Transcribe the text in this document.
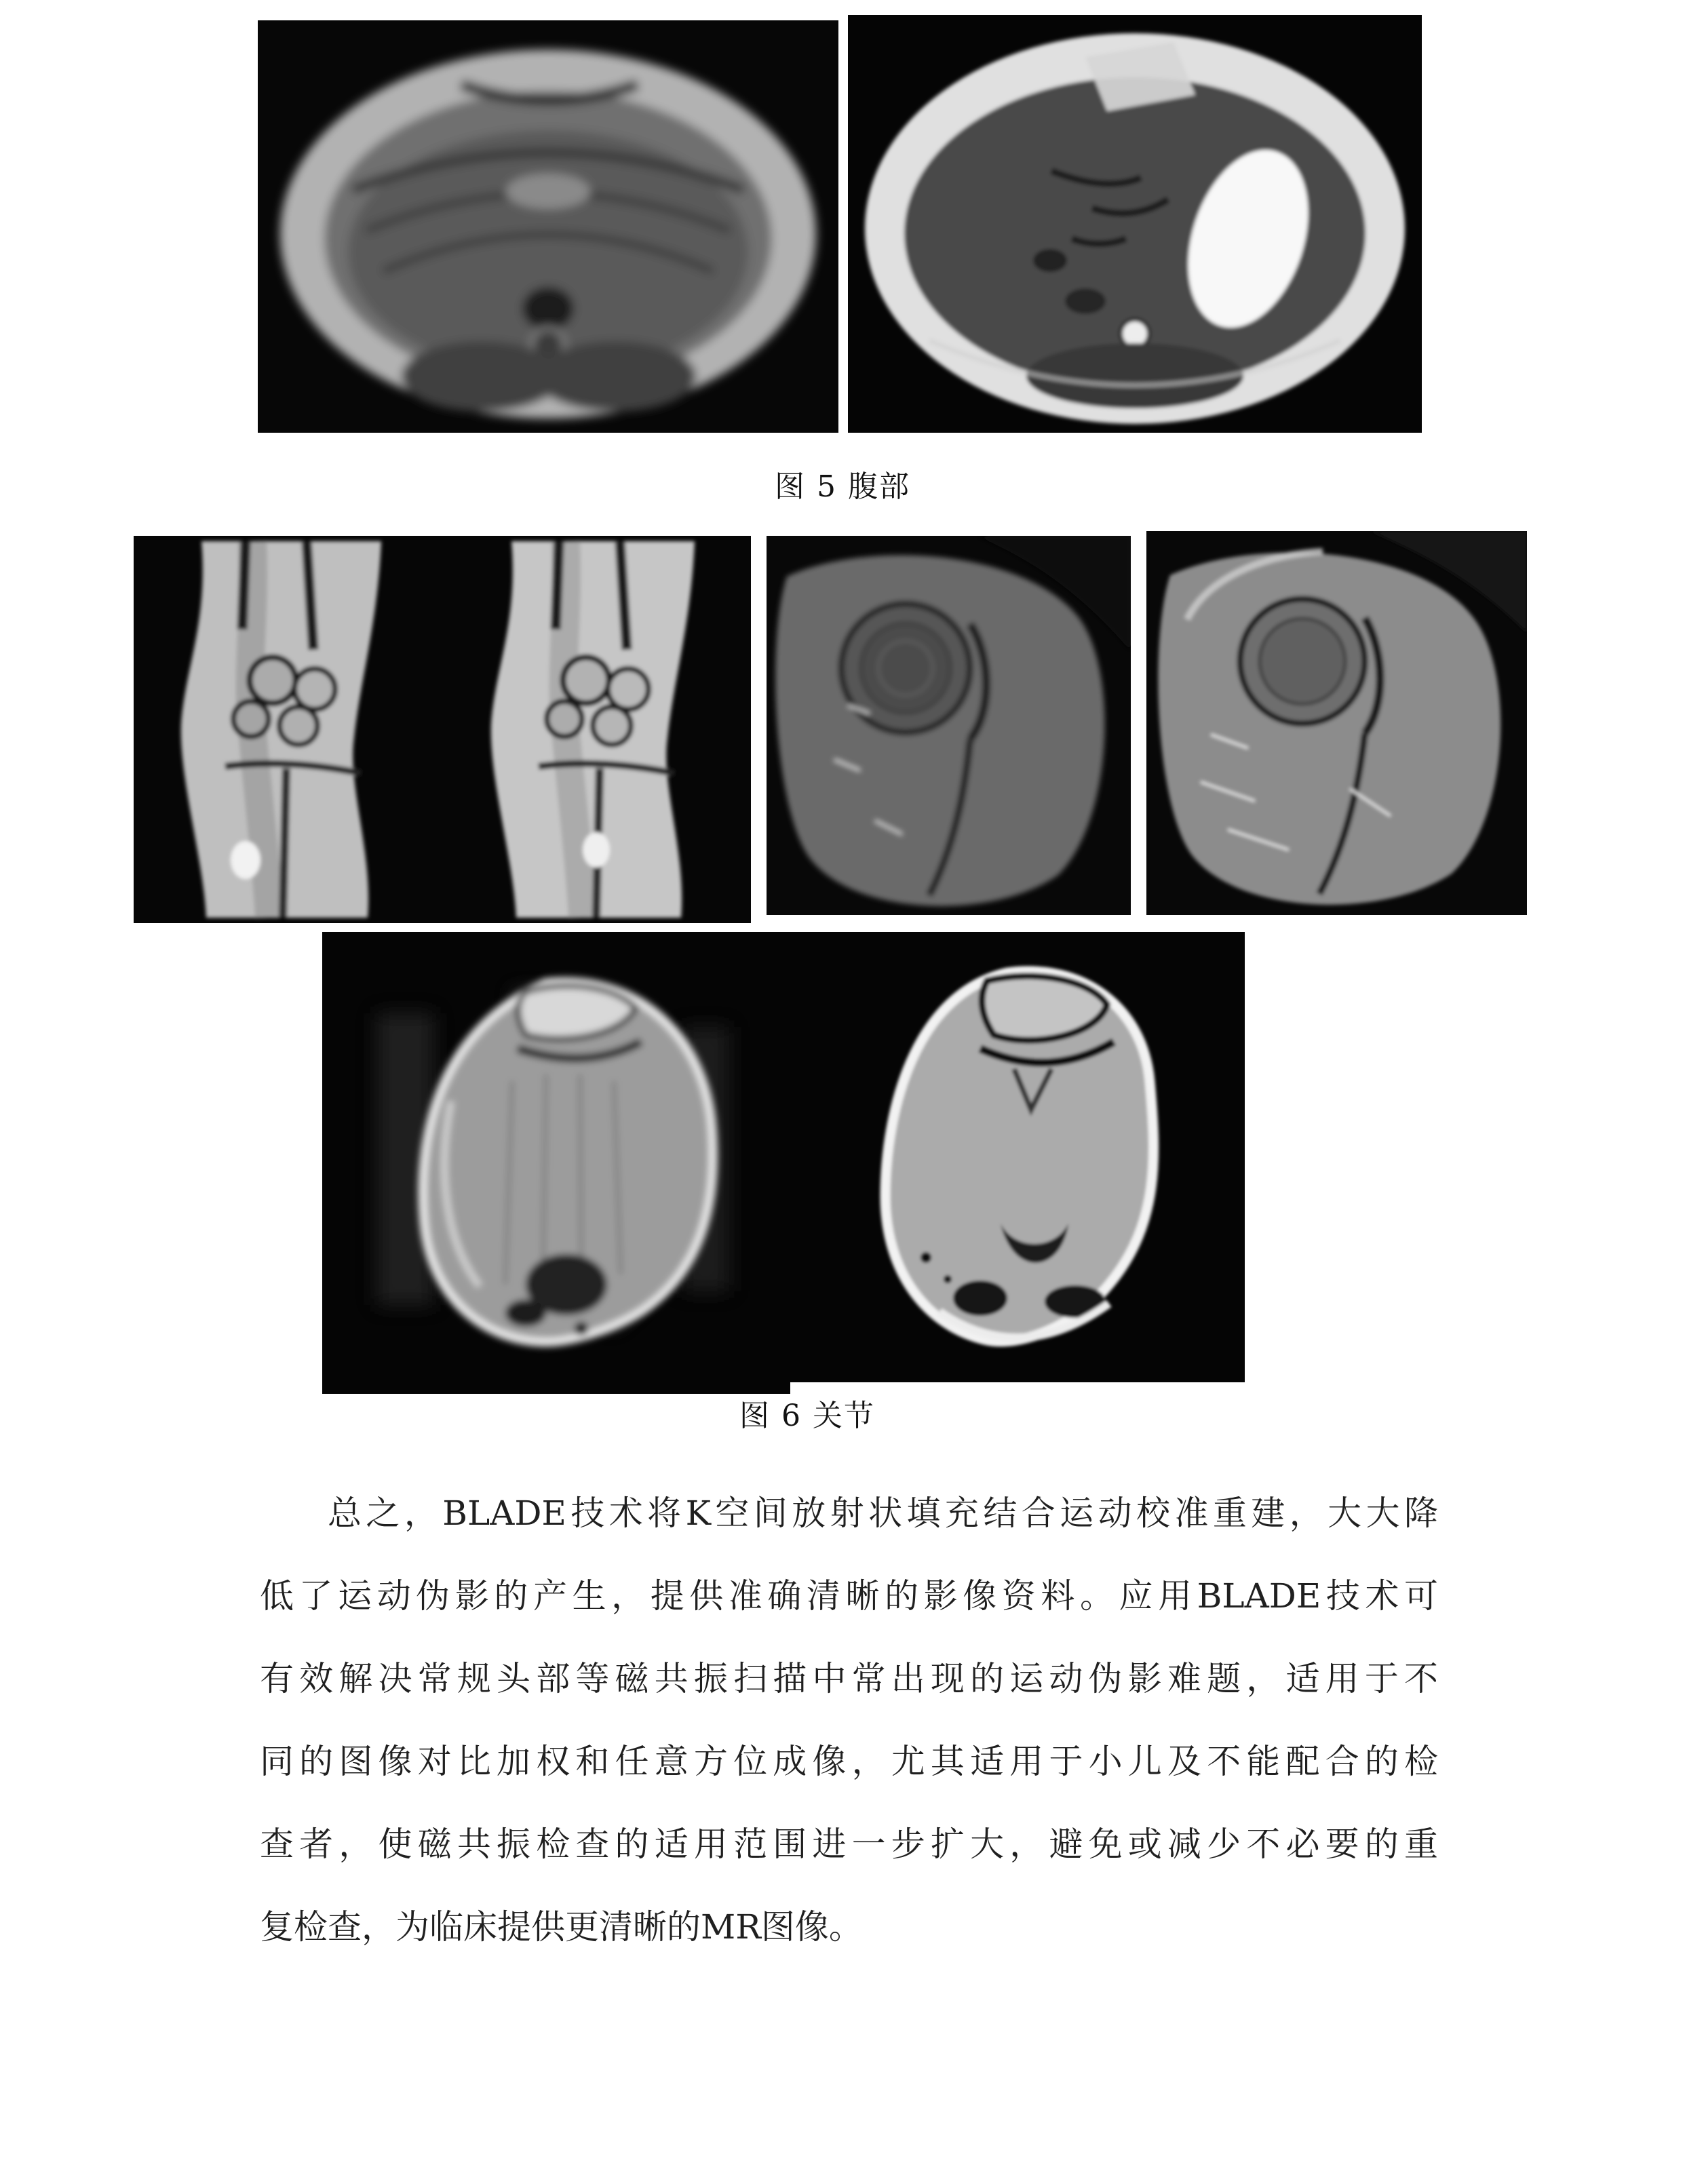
图 5 腹部
图 6 关节
总之，BLADE技术将K空间放射状填充结合运动校准重建，大大降
低了运动伪影的产生，提供准确清晰的影像资料。应用BLADE技术可
有效解决常规头部等磁共振扫描中常出现的运动伪影难题，适用于不
同的图像对比加权和任意方位成像，尤其适用于小儿及不能配合的检
查者，使磁共振检查的适用范围进一步扩大，避免或减少不必要的重
复检查，为临床提供更清晰的MR图像。
